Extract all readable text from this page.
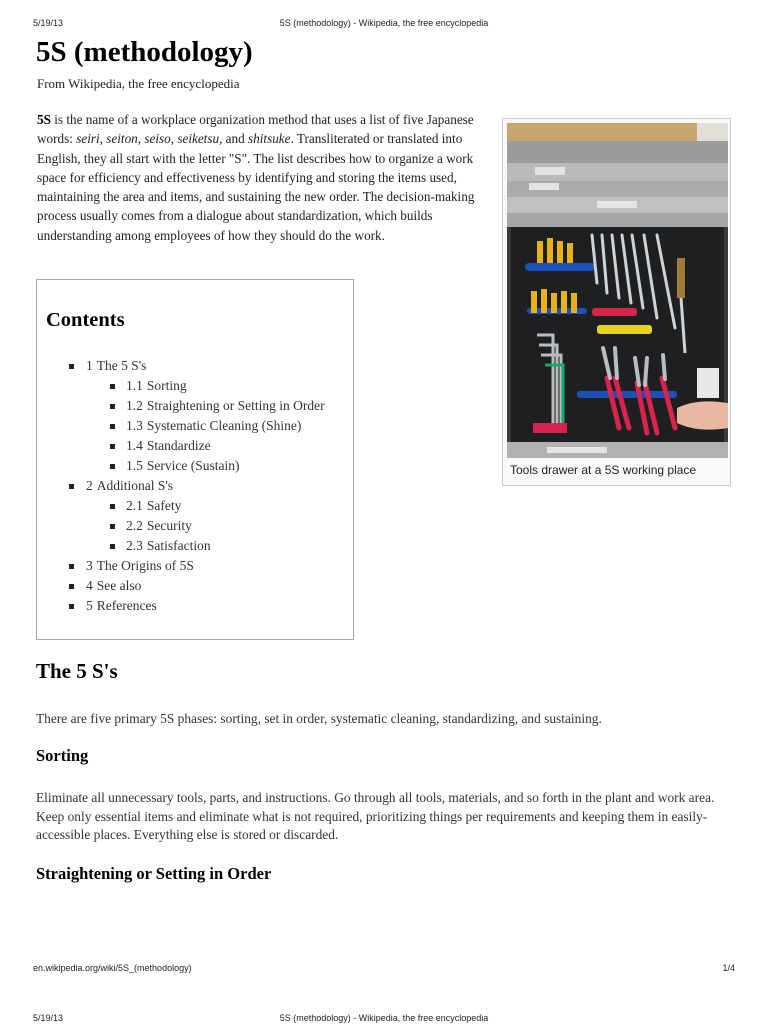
5/19/13	5S (methodology) - Wikipedia, the free encyclopedia
5S (methodology)
From Wikipedia, the free encyclopedia

5S is the name of a workplace organization method that uses a list of five Japanese words: seiri, seiton, seiso, seiketsu, and shitsuke. Transliterated or translated into English, they all start with the letter "S". The list describes how to organize a work space for efficiency and effectiveness by identifying and storing the items used, maintaining the area and items, and sustaining the new order. The decision-making process usually comes from a dialogue about standardization, which builds understanding among employees of how they should do the work.

Tools drawer at a 5S working place
Contents
1 The 5 S's
1.1 Sorting
1.2 Straightening or Setting in Order
1.3 Systematic Cleaning (Shine)
1.4 Standardize
1.5 Service (Sustain)
2 Additional S's
2.1 Safety
2.2 Security
2.3 Satisfaction
3 The Origins of 5S
4 See also
5 References
The 5 S's

There are five primary 5S phases: sorting, set in order, systematic cleaning, standardizing, and sustaining.

Sorting

Eliminate all unnecessary tools, parts, and instructions. Go through all tools, materials, and so forth in the plant and work area. Keep only essential items and eliminate what is not required, prioritizing things per requirements and keeping them in easily-accessible places. Everything else is stored or discarded.

Straightening or Setting in Order
en.wikipedia.org/wiki/5S_(methodology)	1/4
5/19/13	5S (methodology) - Wikipedia, the free encyclopedia
